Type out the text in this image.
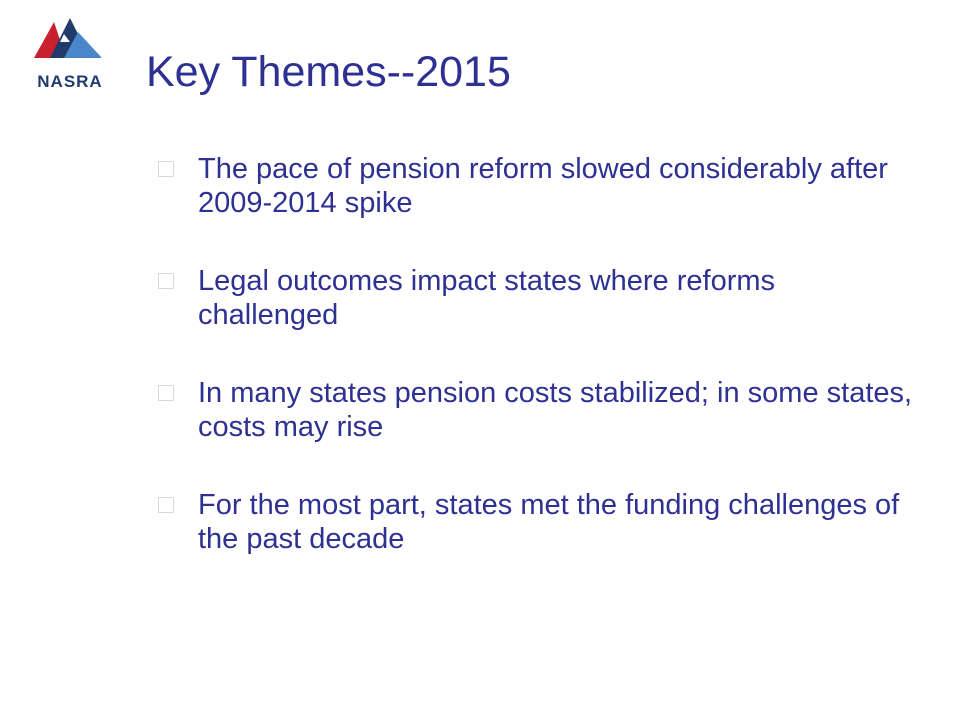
NASRA	Key Themes--2015
The pace of pension reform slowed considerably after 2009-2014 spike
Legal outcomes impact states where reforms challenged
In many states pension costs stabilized; in some states, costs may rise
For the most part, states met the funding challenges of the past decade
